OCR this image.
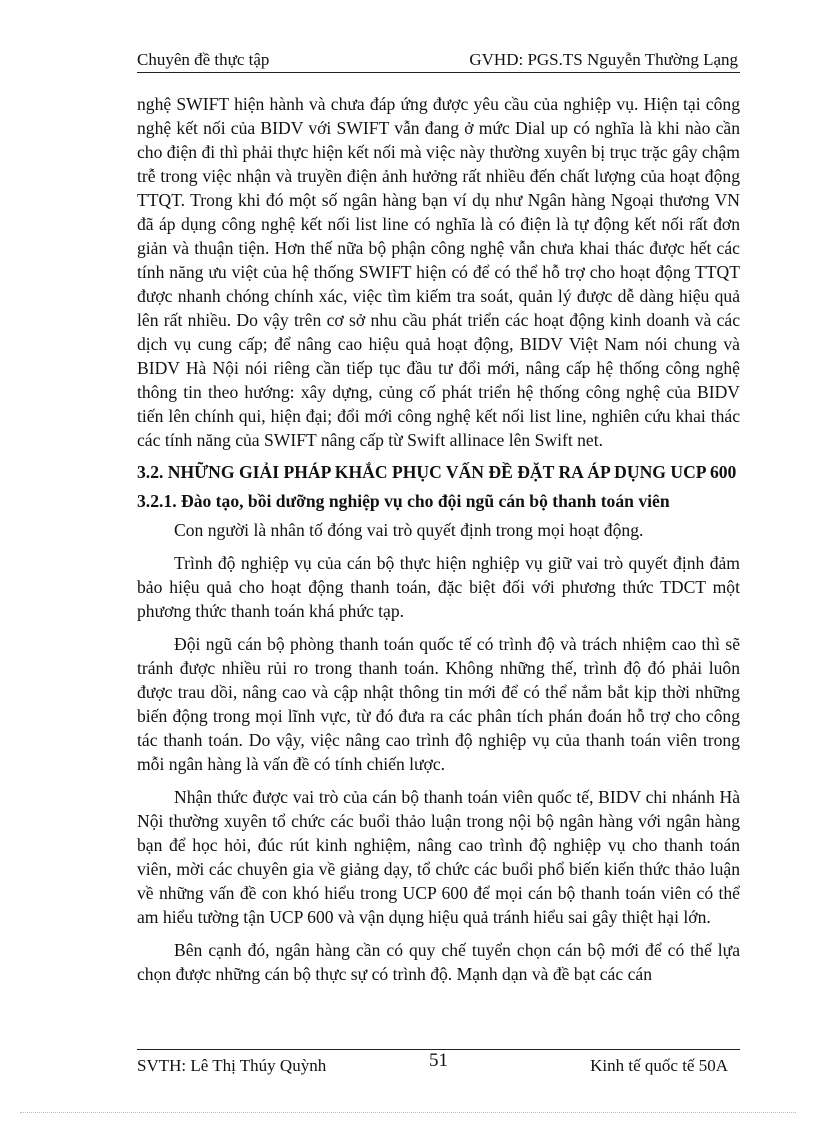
Chuyên đề thực tập	GVHD: PGS.TS Nguyễn Thường Lạng

nghệ SWIFT hiện hành và chưa đáp ứng được yêu cầu của nghiệp vụ. Hiện tại công nghệ kết nối của BIDV với SWIFT vẫn đang ở mức Dial up có nghĩa là khi nào cần cho điện đi thì phải thực hiện kết nối mà việc này thường xuyên bị trục trặc gây chậm trễ trong việc nhận và truyền điện ảnh hưởng rất nhiều đến chất lượng của hoạt động TTQT. Trong khi đó một số ngân hàng bạn ví dụ như Ngân hàng Ngoại thương VN đã áp dụng công nghệ kết nối list line có nghĩa là có điện là tự động kết nối rất đơn giản và thuận tiện. Hơn thế nữa bộ phận công nghệ vẫn chưa khai thác được hết các tính năng ưu việt của hệ thống SWIFT hiện có để có thể hỗ trợ cho hoạt động TTQT được nhanh chóng chính xác, việc tìm kiếm tra soát, quản lý được dễ dàng hiệu quả lên rất nhiều. Do vậy trên cơ sở nhu cầu phát triển các hoạt động kinh doanh và các dịch vụ cung cấp; để nâng cao hiệu quả hoạt động, BIDV Việt Nam nói chung và BIDV Hà Nội nói riêng cần tiếp tục đầu tư đổi mới, nâng cấp hệ thống công nghệ thông tin theo hướng: xây dựng, củng cố phát triển hệ thống công nghệ của BIDV tiến lên chính qui, hiện đại; đổi mới công nghệ kết nối list line, nghiên cứu khai thác các tính năng của SWIFT nâng cấp từ Swift allinace lên Swift net.

3.2. NHỮNG GIẢI PHÁP KHẮC PHỤC VẤN ĐỀ ĐẶT RA ÁP DỤNG UCP 600
3.2.1. Đào tạo, bồi dưỡng nghiệp vụ cho đội ngũ cán bộ thanh toán viên

Con người là nhân tố đóng vai trò quyết định trong mọi hoạt động.

Trình độ nghiệp vụ của cán bộ thực hiện nghiệp vụ giữ vai trò quyết định đảm bảo hiệu quả cho hoạt động thanh toán, đặc biệt đối với phương thức TDCT một phương thức thanh toán khá phức tạp.

Đội ngũ cán bộ phòng thanh toán quốc tế có trình độ và trách nhiệm cao thì sẽ tránh được nhiều rủi ro trong thanh toán. Không những thế, trình độ đó phải luôn được trau dồi, nâng cao và cập nhật thông tin mới để có thể nắm bắt kịp thời những biến động trong mọi lĩnh vực, từ đó đưa ra các phân tích phán đoán hỗ trợ cho công tác thanh toán. Do vậy, việc nâng cao trình độ nghiệp vụ của thanh toán viên trong mỗi ngân hàng là vấn đề có tính chiến lược.

Nhận thức được vai trò của cán bộ thanh toán viên quốc tế, BIDV chi nhánh Hà Nội thường xuyên tổ chức các buổi thảo luận trong nội bộ ngân hàng với ngân hàng bạn để học hỏi, đúc rút kinh nghiệm, nâng cao trình độ nghiệp vụ cho thanh toán viên, mời các chuyên gia về giảng dạy, tổ chức các buổi phổ biến kiến thức thảo luận về những vấn đề con khó hiểu trong UCP 600 để mọi cán bộ thanh toán viên có thể am hiểu tường tận UCP 600 và vận dụng hiệu quả tránh hiểu sai gây thiệt hại lớn.

Bên cạnh đó, ngân hàng cần có quy chế tuyển chọn cán bộ mới để có thể lựa chọn được những cán bộ thực sự có trình độ. Mạnh dạn và đề bạt các cán

SVTH: Lê Thị Thúy Quỳnh	51	Kinh tế quốc tế 50A
